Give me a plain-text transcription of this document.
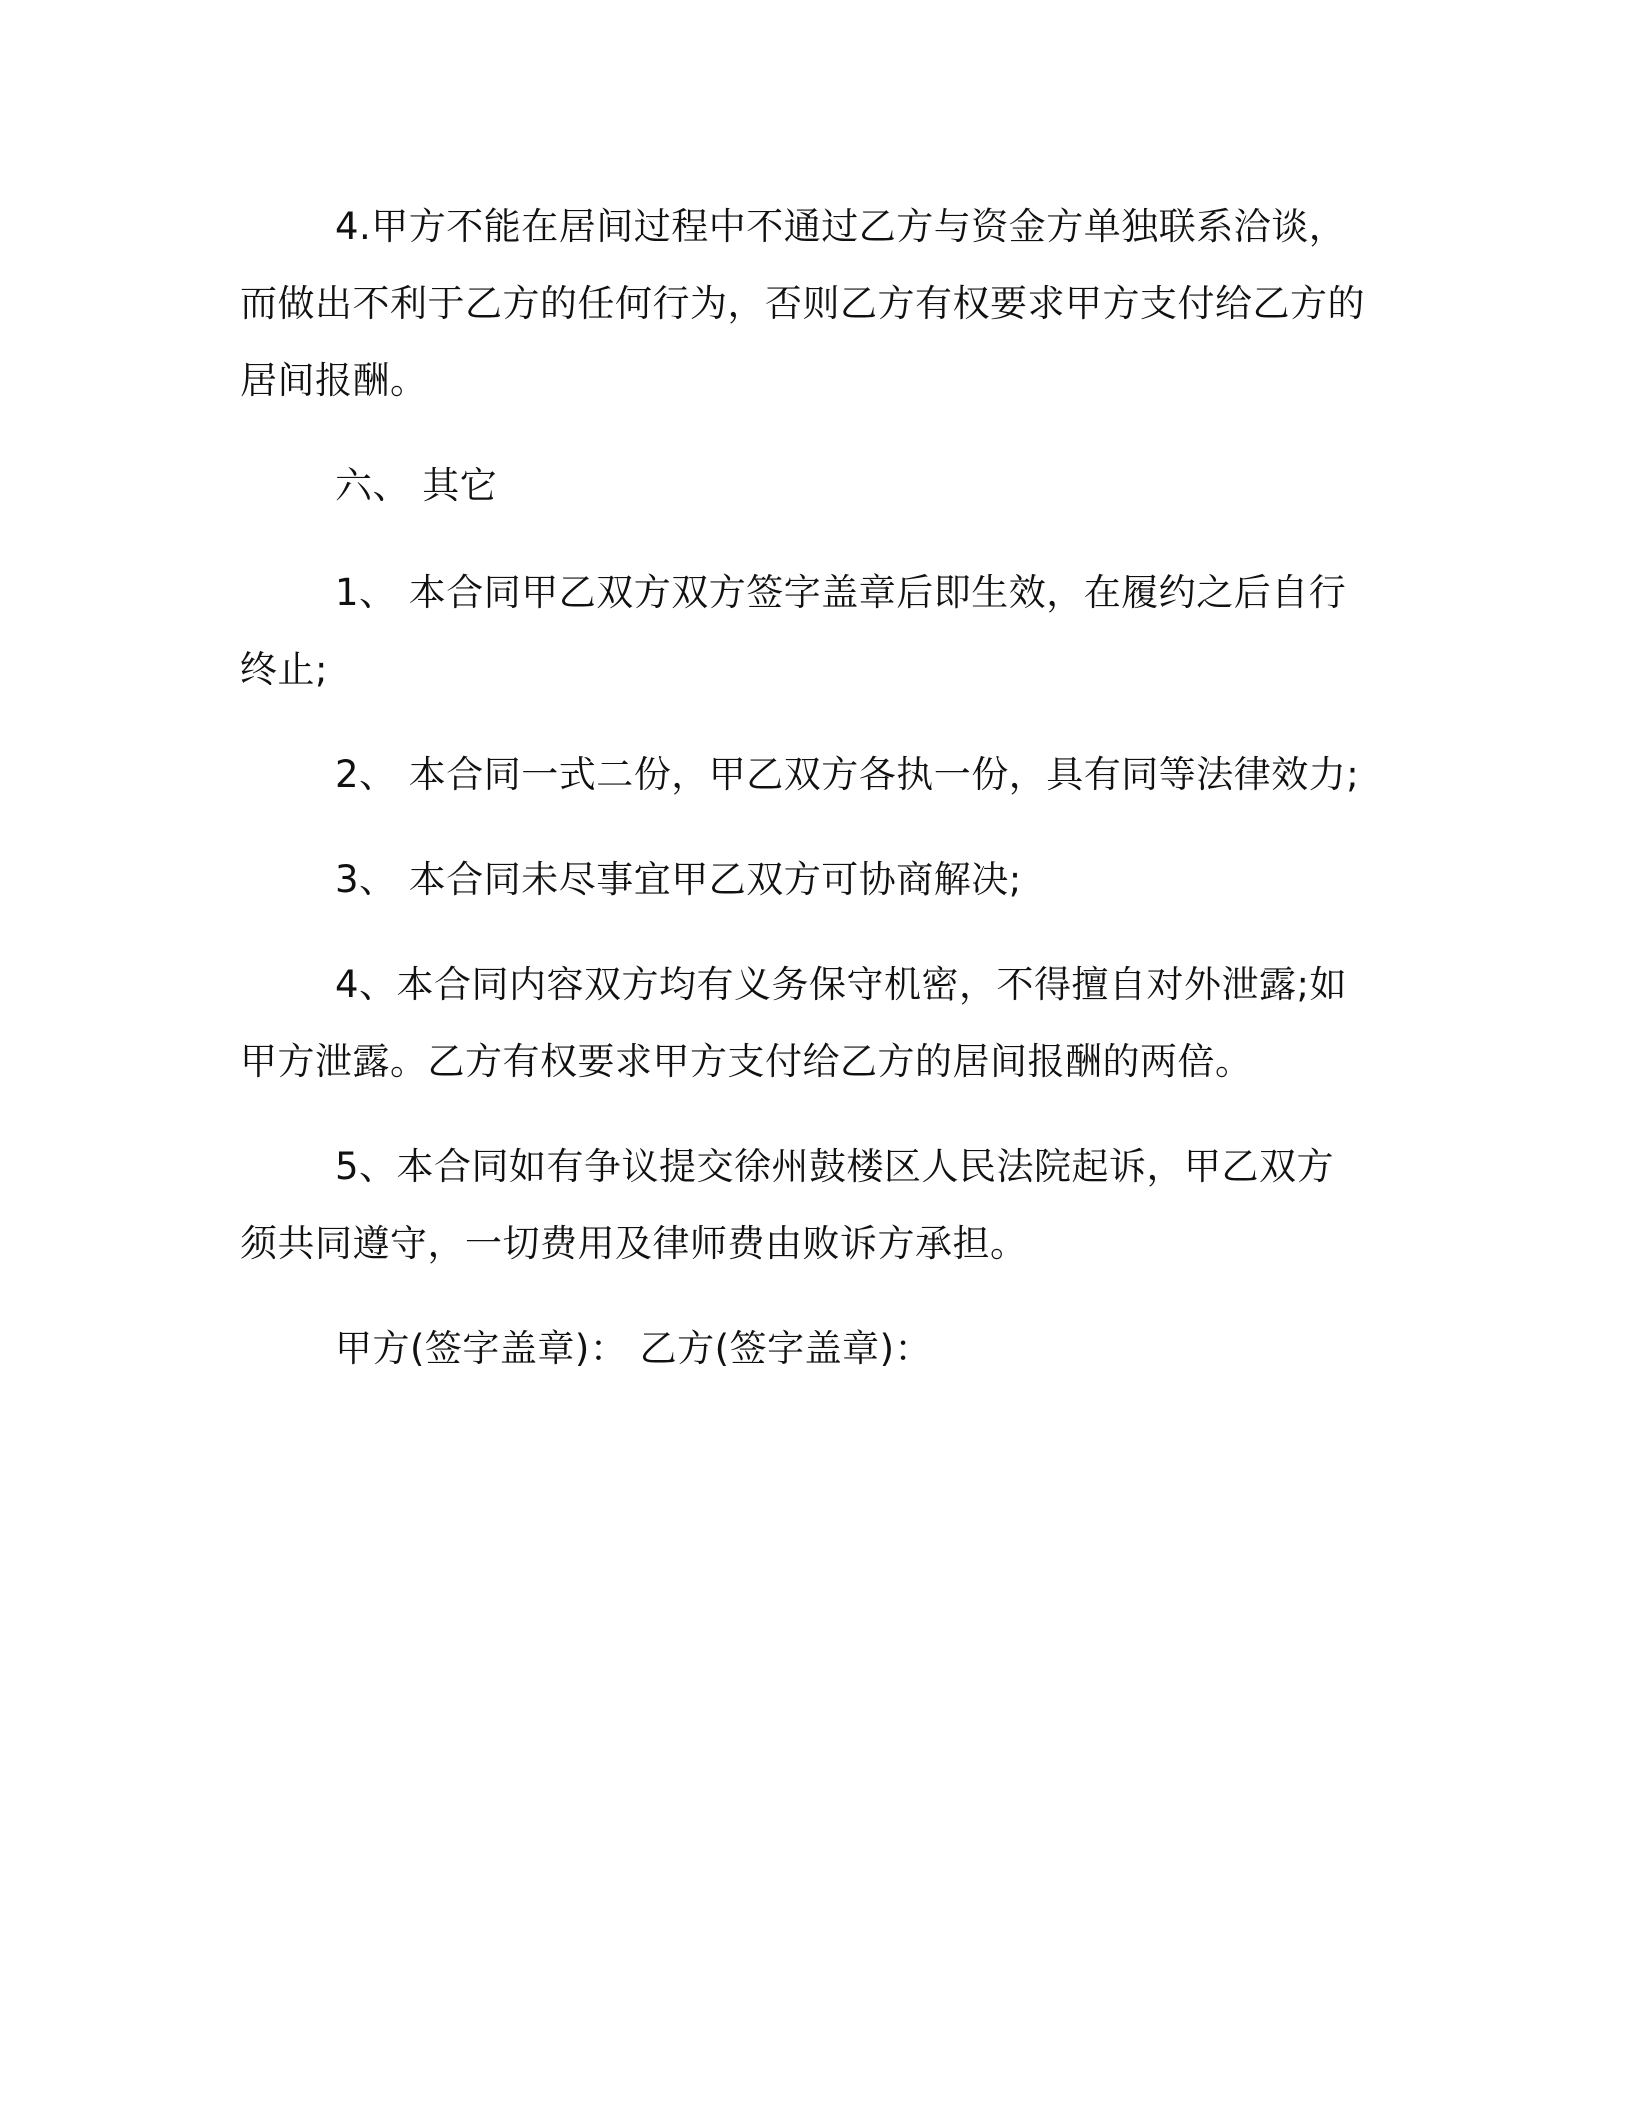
4.甲方不能在居间过程中不通过乙方与资金方单独联系洽谈，而做出不利于乙方的任何行为，否则乙方有权要求甲方支付给乙方的居间报酬。

六、 其它

1、 本合同甲乙双方双方签字盖章后即生效，在履约之后自行终止;

2、 本合同一式二份，甲乙双方各执一份，具有同等法律效力;

3、 本合同未尽事宜甲乙双方可协商解决;

4、本合同内容双方均有义务保守机密，不得擅自对外泄露;如甲方泄露。乙方有权要求甲方支付给乙方的居间报酬的两倍。

5、本合同如有争议提交徐州鼓楼区人民法院起诉，甲乙双方须共同遵守，一切费用及律师费由败诉方承担。

甲方(签字盖章)： 乙方(签字盖章)：
